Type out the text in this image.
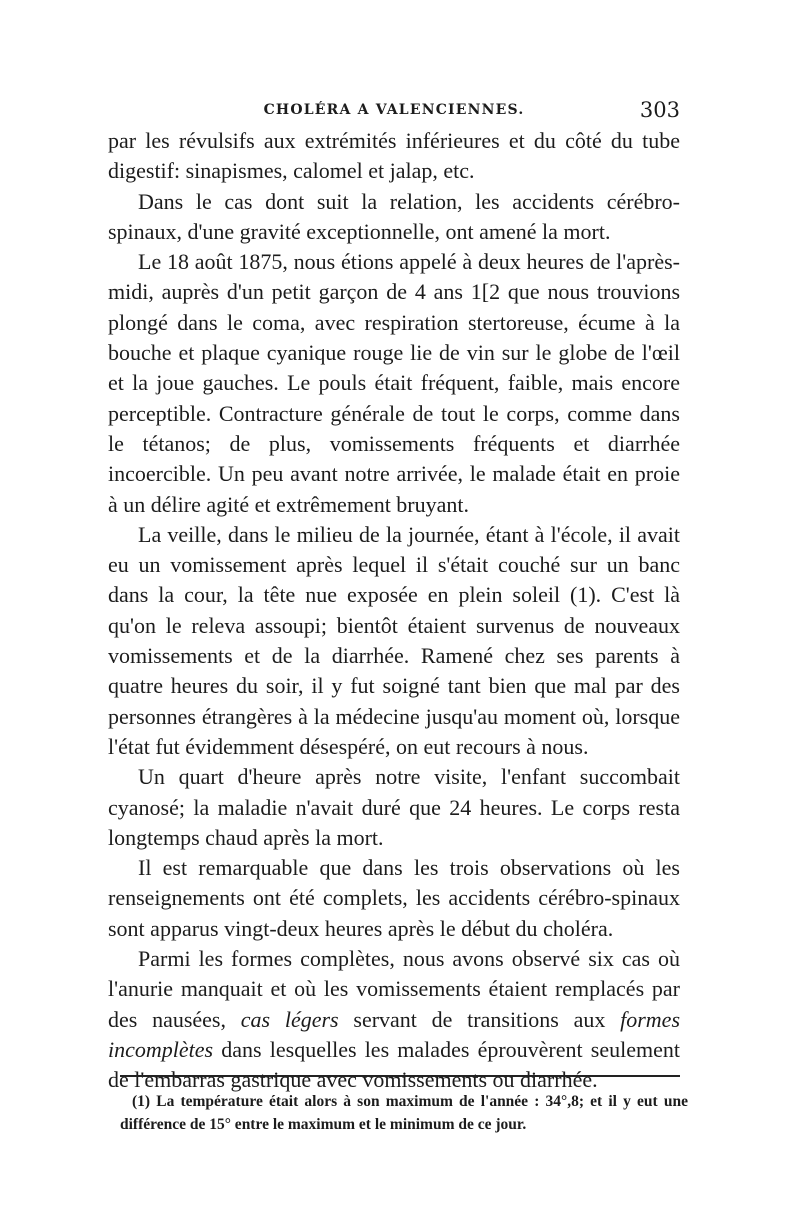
CHOLÉRA A VALENCIENNES.	303

par les révulsifs aux extrémités inférieures et du côté du tube digestif: sinapismes, calomel et jalap, etc.

Dans le cas dont suit la relation, les accidents cérébro-spinaux, d'une gravité exceptionnelle, ont amené la mort.

Le 18 août 1875, nous étions appelé à deux heures de l'après-midi, auprès d'un petit garçon de 4 ans 1[2 que nous trouvions plongé dans le coma, avec respiration stertoreuse, écume à la bouche et plaque cyanique rouge lie de vin sur le globe de l'œil et la joue gauches. Le pouls était fréquent, faible, mais encore perceptible. Contracture générale de tout le corps, comme dans le tétanos; de plus, vomissements fréquents et diarrhée incoercible. Un peu avant notre arrivée, le malade était en proie à un délire agité et extrêmement bruyant.

La veille, dans le milieu de la journée, étant à l'école, il avait eu un vomissement après lequel il s'était couché sur un banc dans la cour, la tête nue exposée en plein soleil (1). C'est là qu'on le releva assoupi; bientôt étaient survenus de nouveaux vomissements et de la diarrhée. Ramené chez ses parents à quatre heures du soir, il y fut soigné tant bien que mal par des personnes étrangères à la médecine jusqu'au moment où, lorsque l'état fut évidemment désespéré, on eut recours à nous.

Un quart d'heure après notre visite, l'enfant succombait cyanosé; la maladie n'avait duré que 24 heures. Le corps resta longtemps chaud après la mort.

Il est remarquable que dans les trois observations où les renseignements ont été complets, les accidents cérébro-spinaux sont apparus vingt-deux heures après le début du choléra.

Parmi les formes complètes, nous avons observé six cas où l'anurie manquait et où les vomissements étaient remplacés par des nausées, cas légers servant de transitions aux formes incomplètes dans lesquelles les malades éprouvèrent seulement de l'embarras gastrique avec vomissements ou diarrhée.

(1) La température était alors à son maximum de l'année : 34°,8; et il y eut une différence de 15° entre le maximum et le minimum de ce jour.
